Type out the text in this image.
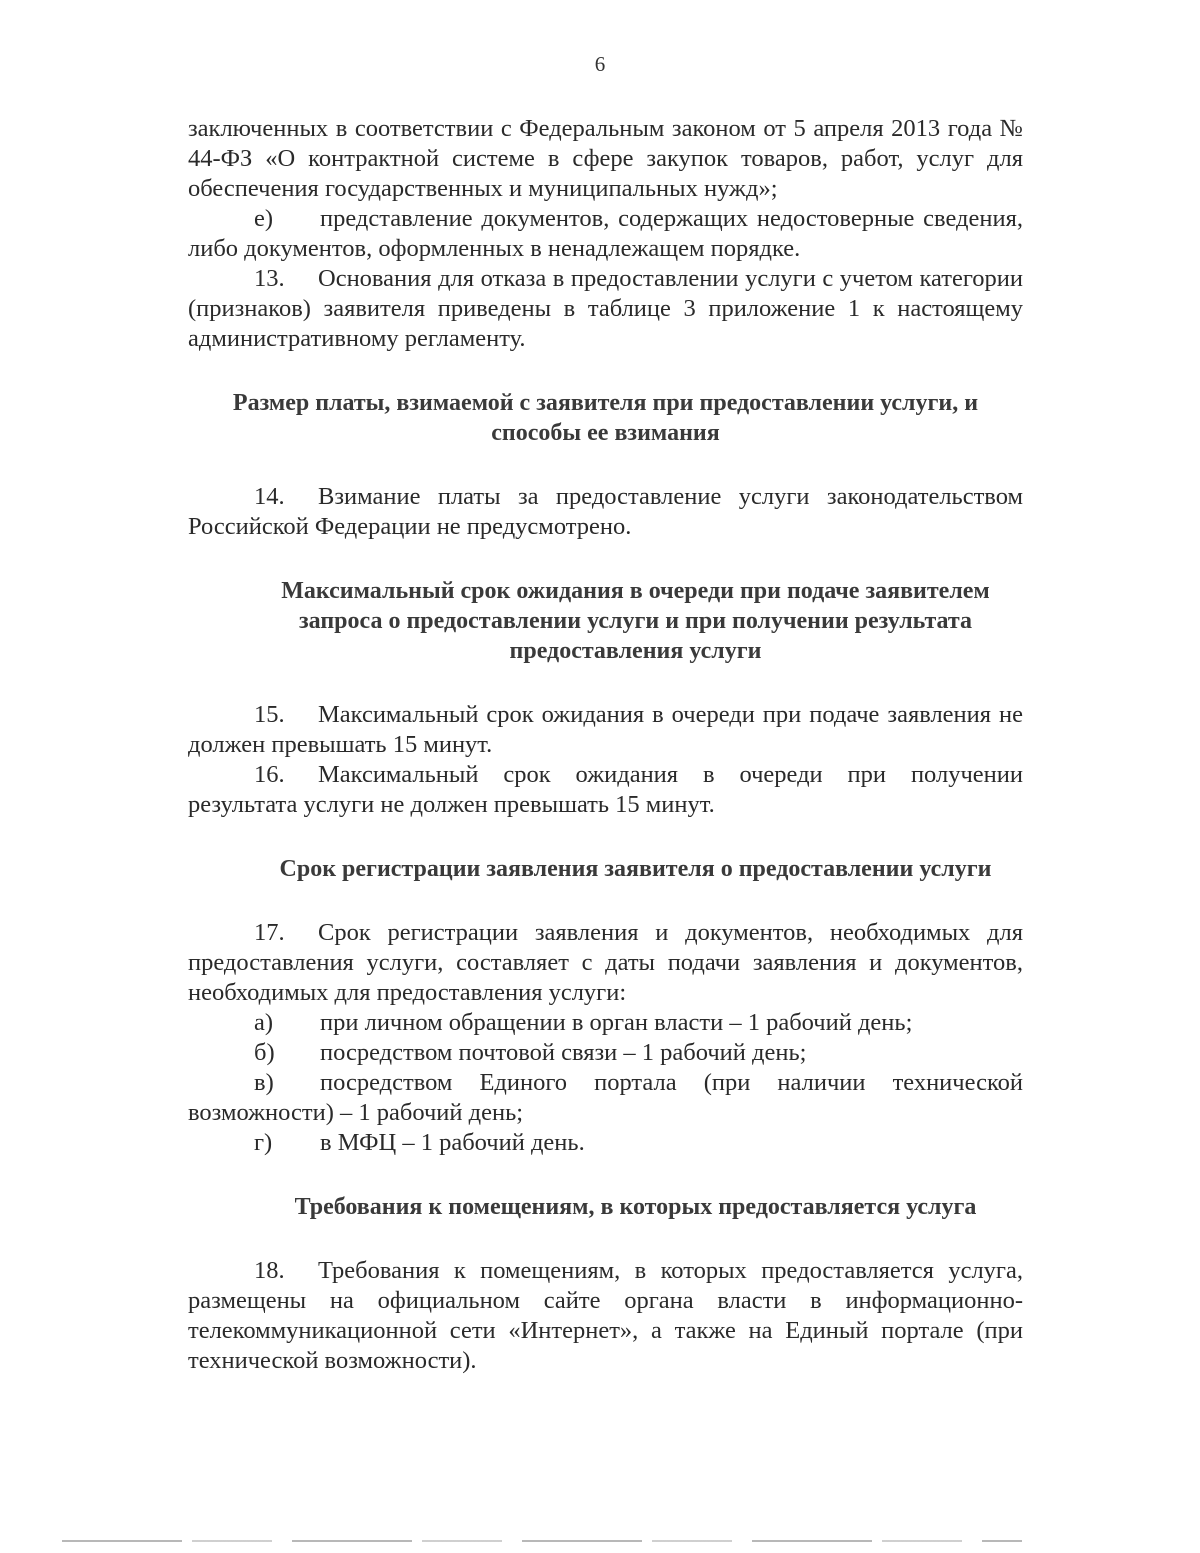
6

заключенных в соответствии с Федеральным законом от 5 апреля 2013 года № 44-ФЗ «О контрактной системе в сфере закупок товаров, работ, услуг для обеспечения государственных и муниципальных нужд»;

е) представление документов, содержащих недостоверные сведения, либо документов, оформленных в ненадлежащем порядке.

13. Основания для отказа в предоставлении услуги с учетом категории (признаков) заявителя приведены в таблице 3 приложение 1 к настоящему административному регламенту.

Размер платы, взимаемой с заявителя при предоставлении услуги, и способы ее взимания

14. Взимание платы за предоставление услуги законодательством Российской Федерации не предусмотрено.

Максимальный срок ожидания в очереди при подаче заявителем запроса о предоставлении услуги и при получении результата предоставления услуги

15. Максимальный срок ожидания в очереди при подаче заявления не должен превышать 15 минут.

16. Максимальный срок ожидания в очереди при получении результата услуги не должен превышать 15 минут.

Срок регистрации заявления заявителя о предоставлении услуги

17. Срок регистрации заявления и документов, необходимых для предоставления услуги, составляет с даты подачи заявления и документов, необходимых для предоставления услуги:

а) при личном обращении в орган власти – 1 рабочий день;

б) посредством почтовой связи – 1 рабочий день;

в) посредством Единого портала (при наличии технической возможности) – 1 рабочий день;

г) в МФЦ – 1 рабочий день.

Требования к помещениям, в которых предоставляется услуга

18. Требования к помещениям, в которых предоставляется услуга, размещены на официальном сайте органа власти в информационно-телекоммуникационной сети «Интернет», а также на Единый портале (при технической возможности).
